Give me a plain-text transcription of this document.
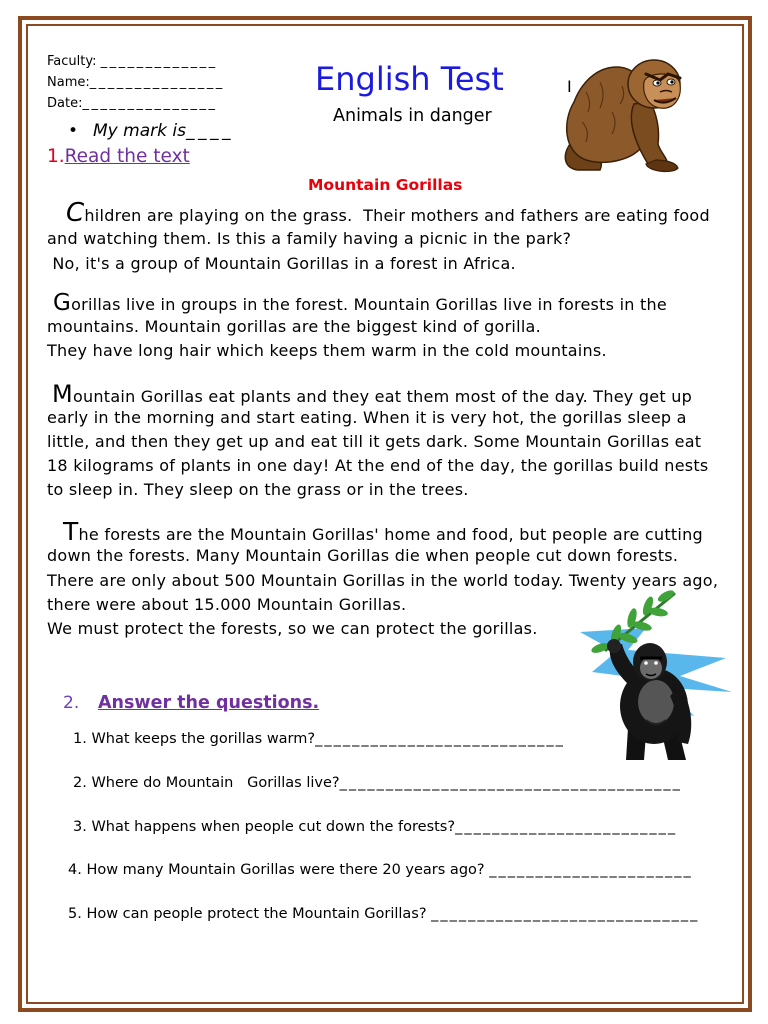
Faculty: _____________
Name:_______________
Date:_______________
English Test
Animals in danger
I
• My mark is____
1.Read the text
Mountain Gorillas
Children are playing on the grass.  Their mothers and fathers are eating food
and watching them. Is this a family having a picnic in the park?
No, it's a group of Mountain Gorillas in a forest in Africa.
Gorillas live in groups in the forest. Mountain Gorillas live in forests in the
mountains. Mountain gorillas are the biggest kind of gorilla.
They have long hair which keeps them warm in the cold mountains.
Mountain Gorillas eat plants and they eat them most of the day. They get up
early in the morning and start eating. When it is very hot, the gorillas sleep a
little, and then they get up and eat till it gets dark. Some Mountain Gorillas eat
18 kilograms of plants in one day! At the end of the day, the gorillas build nests
to sleep in. They sleep on the grass or in the trees.
The forests are the Mountain Gorillas' home and food, but people are cutting
down the forests. Many Mountain Gorillas die when people cut down forests.
There are only about 500 Mountain Gorillas in the world today. Twenty years ago,
there were about 15.000 Mountain Gorillas.
We must protect the forests, so we can protect the gorillas.
2. Answer the questions.
1. What keeps the gorillas warm?___________________________
2. Where do Mountain   Gorillas live?_____________________________________
3. What happens when people cut down the forests?________________________
4. How many Mountain Gorillas were there 20 years ago? ______________________
5. How can people protect the Mountain Gorillas? _____________________________
